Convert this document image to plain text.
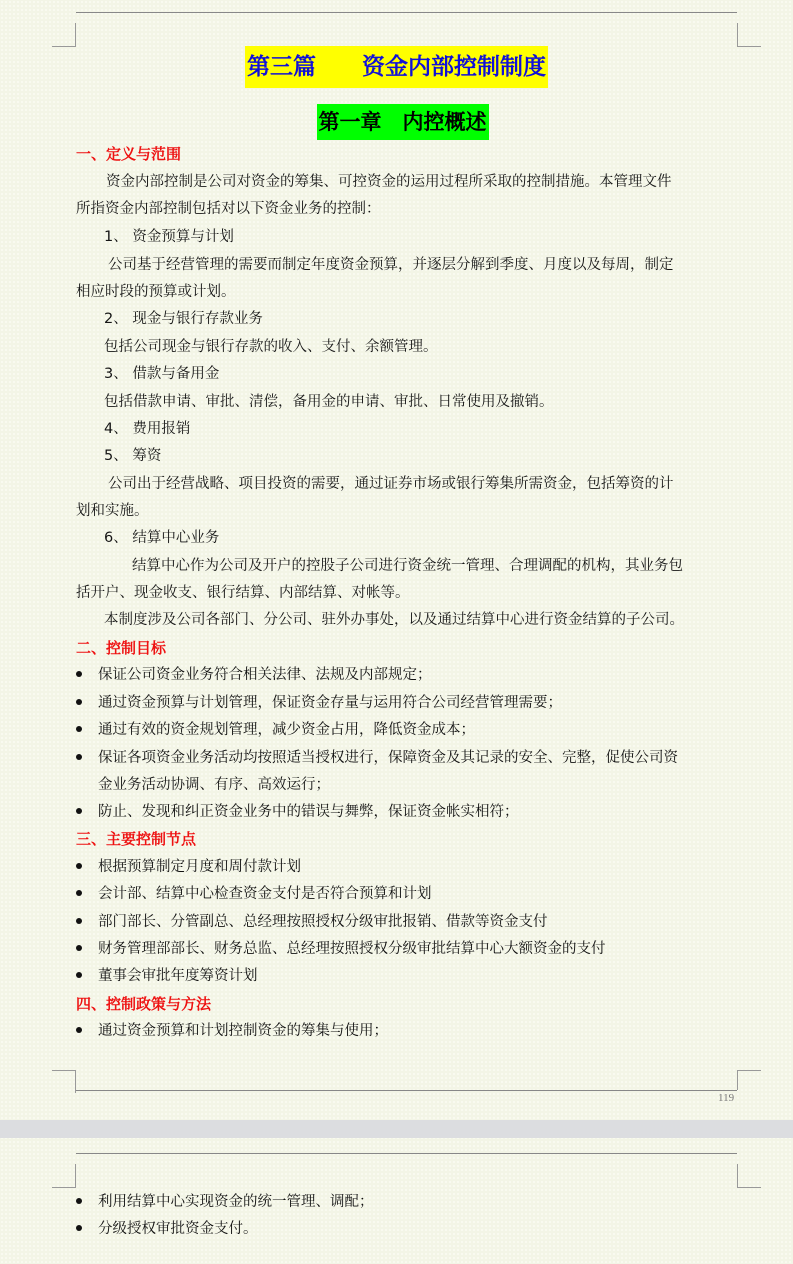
第三篇　　资金内部控制制度
第一章　内控概述
一、定义与范围
资金内部控制是公司对资金的筹集、可控资金的运用过程所采取的控制措施。本管理文件
所指资金内部控制包括对以下资金业务的控制：
1、 资金预算与计划
公司基于经营管理的需要而制定年度资金预算，并逐层分解到季度、月度以及每周，制定
相应时段的预算或计划。
2、 现金与银行存款业务
包括公司现金与银行存款的收入、支付、余额管理。
3、 借款与备用金
包括借款申请、审批、清偿，备用金的申请、审批、日常使用及撤销。
4、 费用报销
5、 筹资
公司出于经营战略、项目投资的需要，通过证券市场或银行筹集所需资金，包括筹资的计
划和实施。
6、 结算中心业务
结算中心作为公司及开户的控股子公司进行资金统一管理、合理调配的机构，其业务包
括开户、现金收支、银行结算、内部结算、对帐等。
本制度涉及公司各部门、分公司、驻外办事处，以及通过结算中心进行资金结算的子公司。
二、控制目标
保证公司资金业务符合相关法律、法规及内部规定；
通过资金预算与计划管理，保证资金存量与运用符合公司经营管理需要；
通过有效的资金规划管理，减少资金占用，降低资金成本；
保证各项资金业务活动均按照适当授权进行，保障资金及其记录的安全、完整，促使公司资
金业务活动协调、有序、高效运行；
防止、发现和纠正资金业务中的错误与舞弊，保证资金帐实相符；
三、主要控制节点
根据预算制定月度和周付款计划
会计部、结算中心检查资金支付是否符合预算和计划
部门部长、分管副总、总经理按照授权分级审批报销、借款等资金支付
财务管理部部长、财务总监、总经理按照授权分级审批结算中心大额资金的支付
董事会审批年度筹资计划
四、控制政策与方法
通过资金预算和计划控制资金的筹集与使用；
119
利用结算中心实现资金的统一管理、调配；
分级授权审批资金支付。
